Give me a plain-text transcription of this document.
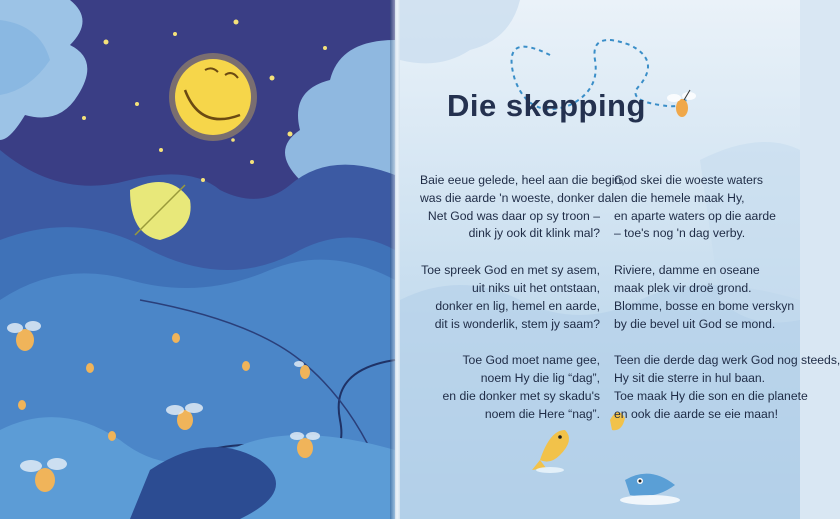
Die skepping

Baie eeue gelede, heel aan die begin,
was die aarde 'n woeste, donker dal.
Net God was daar op sy troon –
dink jy ook dit klink mal?

Toe spreek God en met sy asem,
uit niks uit het ontstaan,
donker en lig, hemel en aarde,
dit is wonderlik, stem jy saam?

Toe God moet name gee,
noem Hy die lig “dag”,
en die donker met sy skadu's
noem die Here “nag”.

God skei die woeste waters
en die hemele maak Hy,
en aparte waters op die aarde
– toe's nog 'n dag verby.

Riviere, damme en oseane
maak plek vir droë grond.
Blomme, bosse en bome verskyn
by die bevel uit God se mond.

Teen die derde dag werk God nog steeds,
Hy sit die sterre in hul baan.
Toe maak Hy die son en die planete
en ook die aarde se eie maan!
